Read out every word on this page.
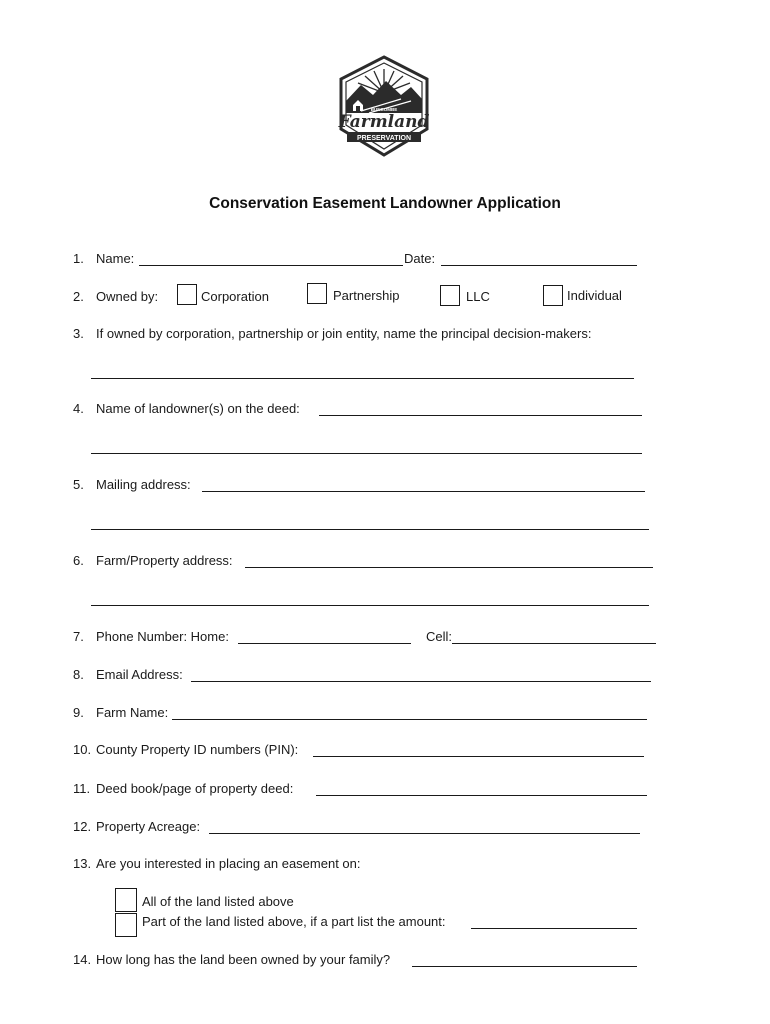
BUNCOMBE
Farmland
PRESERVATION
Conservation Easement Landowner Application
1. Name:	Date:
2. Owned by:	Corporation	Partnership	LLC	Individual
3. If owned by corporation, partnership or join entity, name the principal decision-makers:
4. Name of landowner(s) on the deed:
5. Mailing address:
6. Farm/Property address:
7. Phone Number: Home:	Cell:
8. Email Address:
9. Farm Name:
10. County Property ID numbers (PIN):
11. Deed book/page of property deed:
12. Property Acreage:
13. Are you interested in placing an easement on:
All of the land listed above
Part of the land listed above, if a part list the amount:
14. How long has the land been owned by your family?
